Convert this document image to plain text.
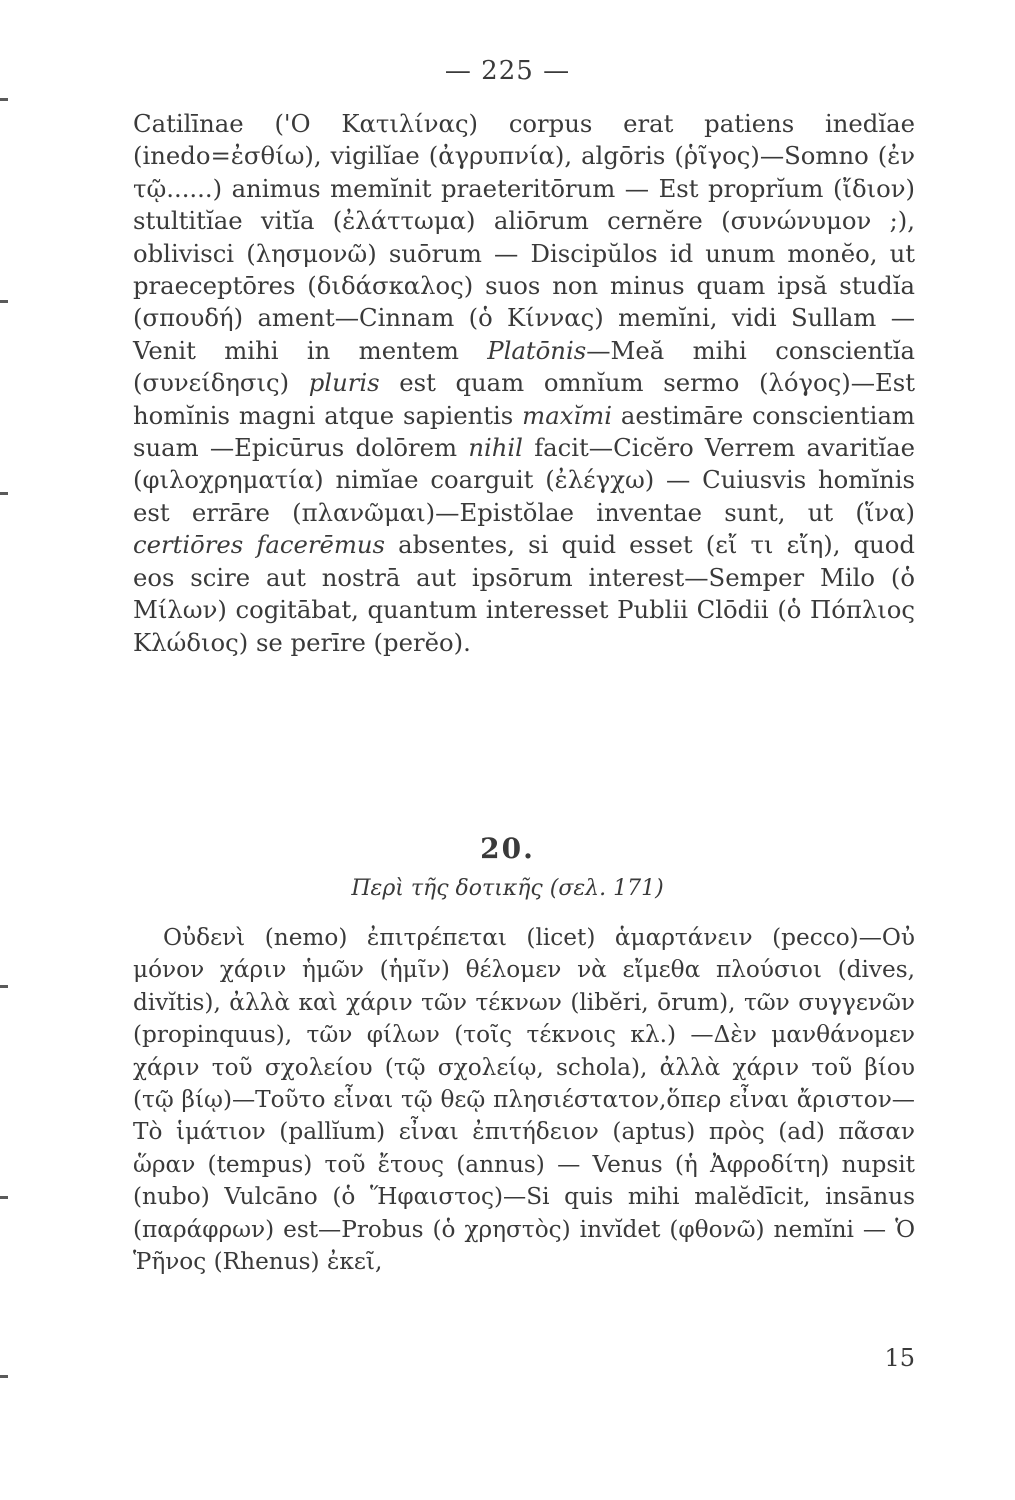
— 225 —

Catilīnae ('Ο Κατιλίνας) corpus erat patiens inedĭae (inedo=ἐσθίω), vigilĭae (ἀγρυπνία), algōris (ῥῖγος)—Somno (ἐν τῷ......) animus memĭnit praeteritōrum — Est proprĭum (ἴδιον) stultitĭae vitĭa (ἐλάττωμα) aliōrum cernĕre (συνώνυμον ;), oblivisci (λησμονῶ) suōrum — Discipŭlos id unum monĕo, ut praeceptōres (διδάσκαλος) suos non minus quam ipsă studĭa (σπουδή) ament—Cinnam (ὁ Κίννας) memĭni, vidi Sullam —Venit mihi in mentem Platōnis—Meă mihi conscientĭa (συνείδησις) pluris est quam omnĭum sermo (λόγος)—Est homĭnis magni atque sapientis maxĭmi aestimāre conscientiam suam —Epicūrus dolōrem nihil facit—Cicĕro Verrem avaritĭae (φιλοχρηματία) nimĭae coarguit (ἐλέγχω) — Cuiusvis homĭnis est errāre (πλανῶμαι)—Epistŏlae inventae sunt, ut (ἵνα) certiōres facerēmus absentes, si quid esset (εἴ τι εἴη), quod eos scire aut nostrā aut ipsōrum interest—Semper Milo (ὁ Μίλων) cogitābat, quantum interesset Publii Clōdii (ὁ Πόπλιος Κλώδιος) se perīre (perĕo).

20.
Περὶ τῆς δοτικῆς (σελ. 171)

Οὐδενὶ (nemo) ἐπιτρέπεται (licet) ἁμαρτάνειν (pecco)—Οὐ μόνον χάριν ἡμῶν (ἡμῖν) θέλομεν νὰ εἴμεθα πλούσιοι (dives, divĭtis), ἀλλὰ καὶ χάριν τῶν τέκνων (libĕri, ōrum), τῶν συγγενῶν (propinquus), τῶν φίλων (τοῖς τέκνοις κλ.) —Δὲν μανθάνομεν χάριν τοῦ σχολείου (τῷ σχολείῳ, schola), ἀλλὰ χάριν τοῦ βίου (τῷ βίῳ)—Τοῦτο εἶναι τῷ θεῷ πλησιέστατον,ὅπερ εἶναι ἄριστον—Τὸ ἱμάτιον (pallĭum) εἶναι ἐπιτήδειον (aptus) πρὸς (ad) πᾶσαν ὥραν (tempus) τοῦ ἔτους (annus) — Venus (ἡ Ἀφροδίτη) nupsit (nubo) Vulcāno (ὁ Ἥφαιστος)—Si quis mihi malĕdīcit, insānus (παράφρων) est—Probus (ὁ χρηστὸς) invĭdet (φθονῶ) nemĭni — Ὁ Ῥῆνος (Rhenus) ἐκεῖ,

15
